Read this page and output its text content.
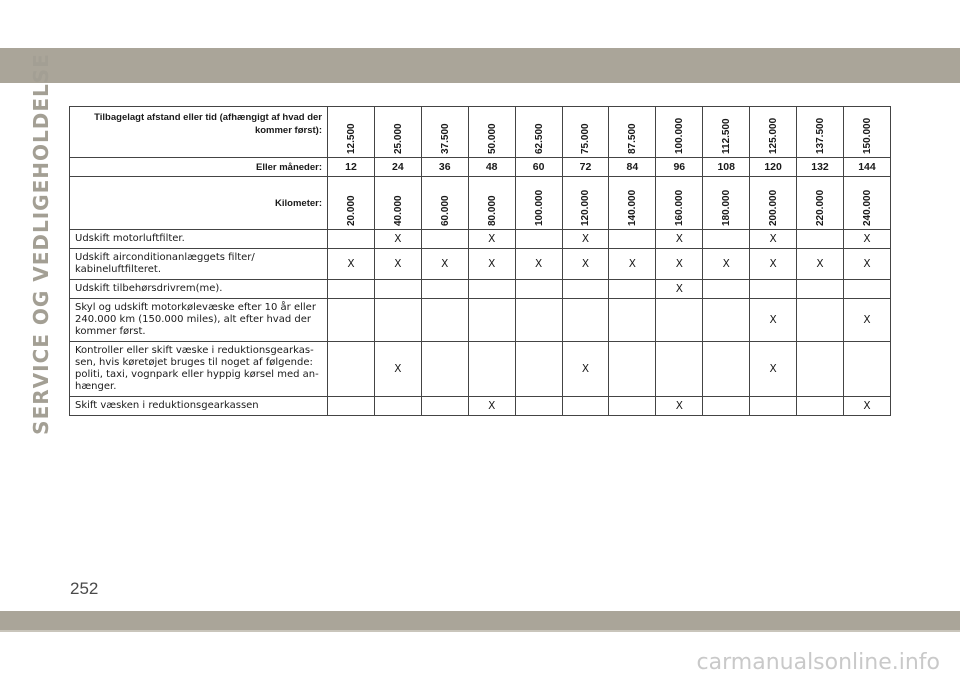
SERVICE OG VEDLIGEHOLDELSE	Tilbagelagt afstand eller tid (afhængigt af hvad der kommer først):	12.500	25.000	37.500	50.000	62.500	75.000	87.500	100.000	112.500	125.000	137.500	150.000

Eller måneder:	12	24	36	48	60	72	84	96	108	120	132	144
Kilometer:	20.000	40.000	60.000	80.000	100.000	120.000	140.000	160.000	180.000	200.000	220.000	240.000

Udskift motorluftfilter.		X		X		X		X		X		X
Udskift airconditionanlæggets filter/ kabineluftfilteret.	X	X	X	X	X	X	X	X	X	X	X	X
Udskift tilbehørsdrivrem(me).								X				
Skyl og udskift motorkølevæske efter 10 år eller 240.000 km (150.000 miles), alt efter hvad der kommer først.										X		X
Kontroller eller skift væske i reduktionsgearkas-sen, hvis køretøjet bruges til noget af følgende: politi, taxi, vognpark eller hyppig kørsel med an-hænger.		X				X				X		
Skift væsken i reduktionsgearkassen				X				X				X
252
carmanualsonline.info
